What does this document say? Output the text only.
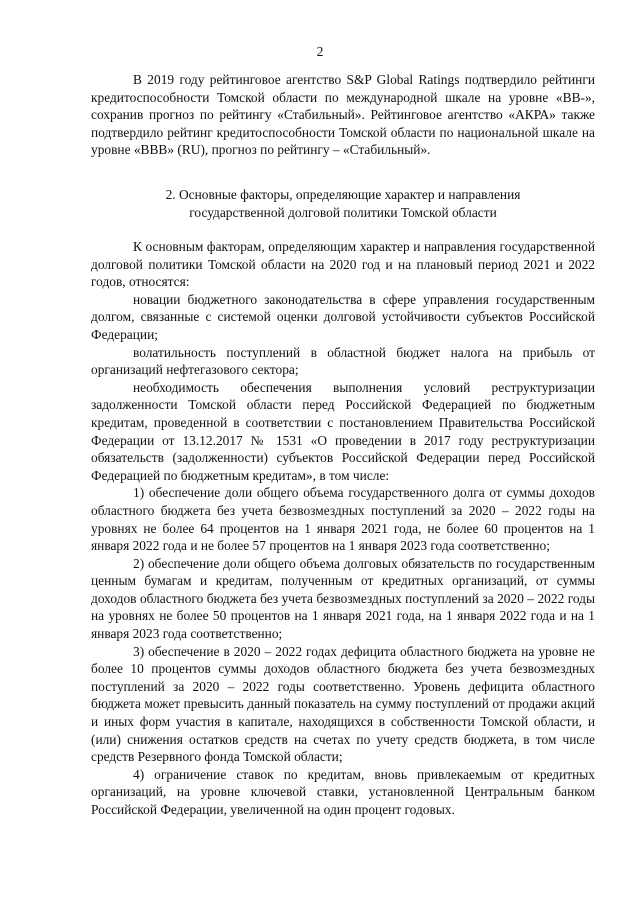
2

В 2019 году рейтинговое агентство S&P Global Ratings подтвердило рейтинги кредитоспособности Томской области по международной шкале на уровне «ВВ-», сохранив прогноз по рейтингу «Стабильный». Рейтинговое агентство «АКРА» также подтвердило рейтинг кредитоспособности Томской области по национальной шкале на уровне «ВВВ» (RU), прогноз по рейтингу – «Стабильный».

2. Основные факторы, определяющие характер и направления
государственной долговой политики Томской области

К основным факторам, определяющим характер и направления государственной долговой политики Томской области на 2020 год и на плановый период 2021 и 2022 годов, относятся:

новации бюджетного законодательства в сфере управления государственным долгом, связанные с системой оценки долговой устойчивости субъектов Российской Федерации;

волатильность поступлений в областной бюджет налога на прибыль от организаций нефтегазового сектора;

необходимость обеспечения выполнения условий реструктуризации задолженности Томской области перед Российской Федерацией по бюджетным кредитам, проведенной в соответствии с постановлением Правительства Российской Федерации от 13.12.2017 № 1531 «О проведении в 2017 году реструктуризации обязательств (задолженности) субъектов Российской Федерации перед Российской Федерацией по бюджетным кредитам», в том числе:

1) обеспечение доли общего объема государственного долга от суммы доходов областного бюджета без учета безвозмездных поступлений за 2020 – 2022 годы на уровнях не более 64 процентов на 1 января 2021 года, не более 60 процентов на 1 января 2022 года и не более 57 процентов на 1 января 2023 года соответственно;

2) обеспечение доли общего объема долговых обязательств по государственным ценным бумагам и кредитам, полученным от кредитных организаций, от суммы доходов областного бюджета без учета безвозмездных поступлений за 2020 – 2022 годы на уровнях не более 50 процентов на 1 января 2021 года, на 1 января 2022 года и на 1 января 2023 года соответственно;

3) обеспечение в 2020 – 2022 годах дефицита областного бюджета на уровне не более 10 процентов суммы доходов областного бюджета без учета безвозмездных поступлений за 2020 – 2022 годы соответственно. Уровень дефицита областного бюджета может превысить данный показатель на сумму поступлений от продажи акций и иных форм участия в капитале, находящихся в собственности Томской области, и (или) снижения остатков средств на счетах по учету средств бюджета, в том числе средств Резервного фонда Томской области;

4) ограничение ставок по кредитам, вновь привлекаемым от кредитных организаций, на уровне ключевой ставки, установленной Центральным банком Российской Федерации, увеличенной на один процент годовых.
